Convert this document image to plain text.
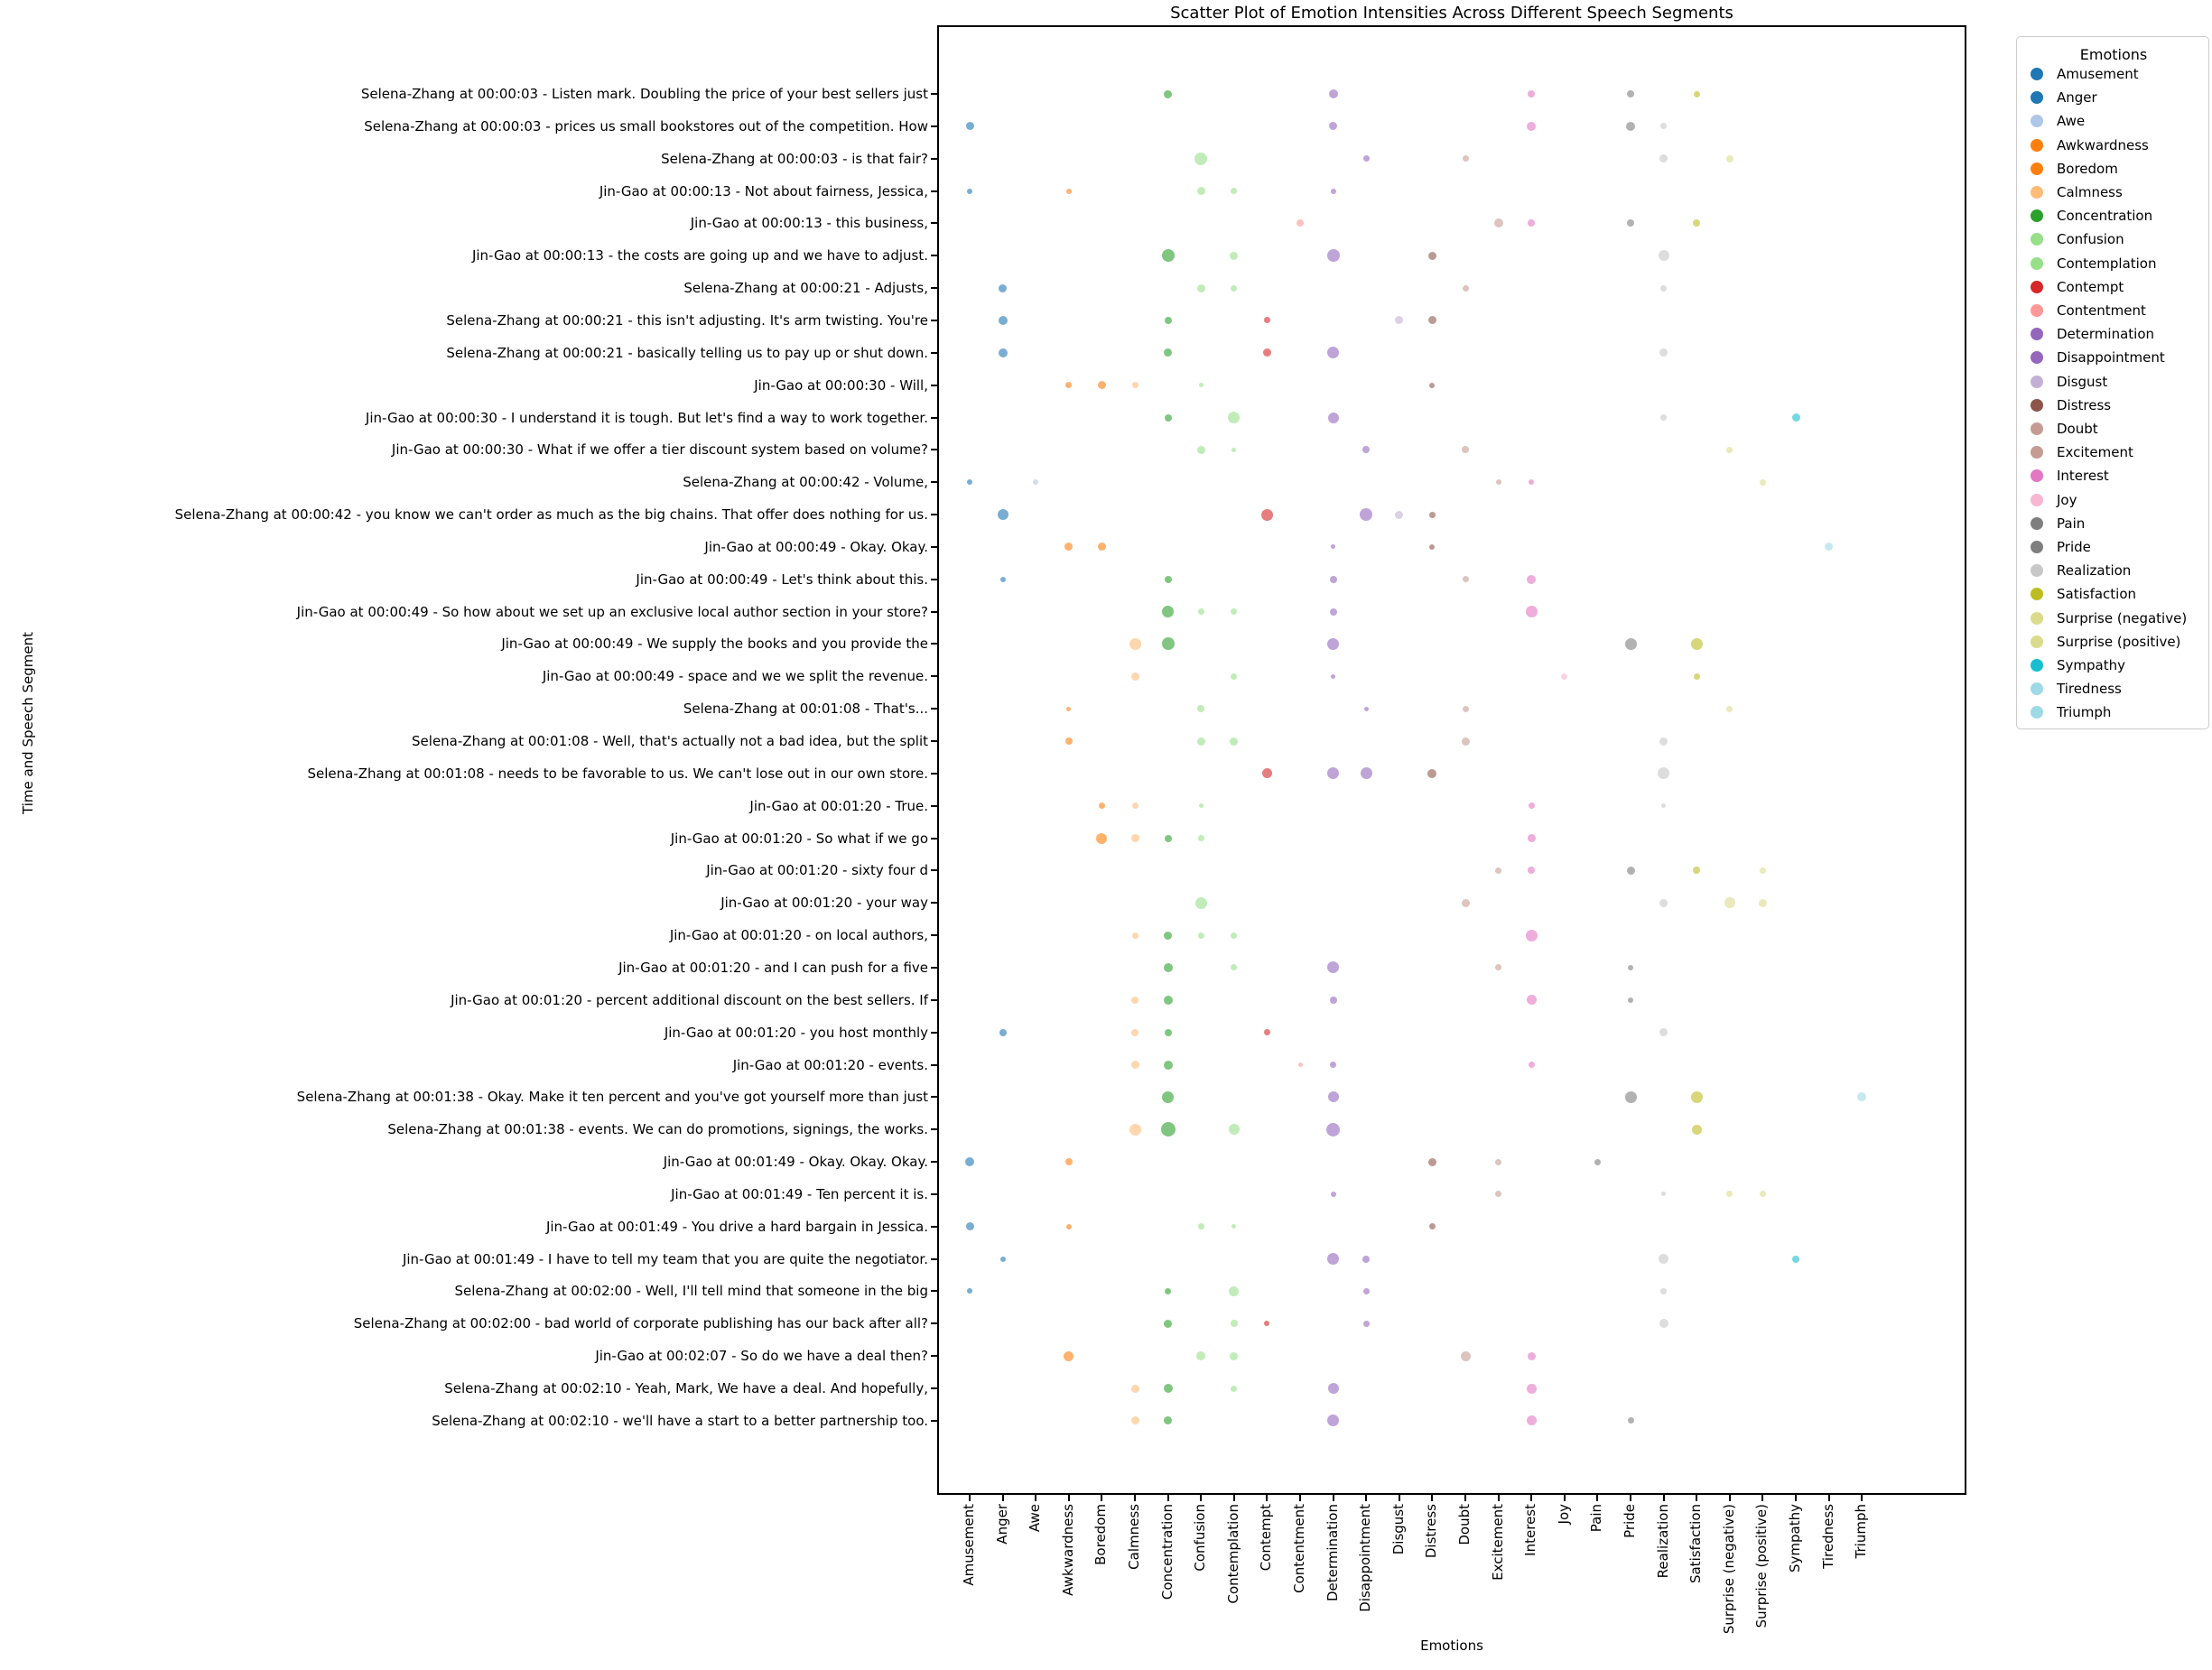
Scatter Plot of Emotion Intensities Across Different Speech Segments
Selena-Zhang at 00:00:03 - Listen mark. Doubling the price of your best sellers just
Selena-Zhang at 00:00:03 - prices us small bookstores out of the competition. How
Selena-Zhang at 00:00:03 - is that fair?
Jin-Gao at 00:00:13 - Not about fairness, Jessica,
Jin-Gao at 00:00:13 - this business,
Jin-Gao at 00:00:13 - the costs are going up and we have to adjust.
Selena-Zhang at 00:00:21 - Adjusts,
Selena-Zhang at 00:00:21 - this isn't adjusting. It's arm twisting. You're
Selena-Zhang at 00:00:21 - basically telling us to pay up or shut down.
Jin-Gao at 00:00:30 - Will,
Jin-Gao at 00:00:30 - I understand it is tough. But let's find a way to work together.
Jin-Gao at 00:00:30 - What if we offer a tier discount system based on volume?
Selena-Zhang at 00:00:42 - Volume,
Selena-Zhang at 00:00:42 - you know we can't order as much as the big chains. That offer does nothing for us.
Jin-Gao at 00:00:49 - Okay. Okay.
Jin-Gao at 00:00:49 - Let's think about this.
Jin-Gao at 00:00:49 - So how about we set up an exclusive local author section in your store?
Jin-Gao at 00:00:49 - We supply the books and you provide the
Jin-Gao at 00:00:49 - space and we we split the revenue.
Selena-Zhang at 00:01:08 - That's...
Selena-Zhang at 00:01:08 - Well, that's actually not a bad idea, but the split
Selena-Zhang at 00:01:08 - needs to be favorable to us. We can't lose out in our own store.
Jin-Gao at 00:01:20 - True.
Jin-Gao at 00:01:20 - So what if we go
Jin-Gao at 00:01:20 - sixty four d
Jin-Gao at 00:01:20 - your way
Jin-Gao at 00:01:20 - on local authors,
Jin-Gao at 00:01:20 - and I can push for a five
Jin-Gao at 00:01:20 - percent additional discount on the best sellers. If
Jin-Gao at 00:01:20 - you host monthly
Jin-Gao at 00:01:20 - events.
Selena-Zhang at 00:01:38 - Okay. Make it ten percent and you've got yourself more than just
Selena-Zhang at 00:01:38 - events. We can do promotions, signings, the works.
Jin-Gao at 00:01:49 - Okay. Okay. Okay.
Jin-Gao at 00:01:49 - Ten percent it is.
Jin-Gao at 00:01:49 - You drive a hard bargain in Jessica.
Jin-Gao at 00:01:49 - I have to tell my team that you are quite the negotiator.
Selena-Zhang at 00:02:00 - Well, I'll tell mind that someone in the big
Selena-Zhang at 00:02:00 - bad world of corporate publishing has our back after all?
Jin-Gao at 00:02:07 - So do we have a deal then?
Selena-Zhang at 00:02:10 - Yeah, Mark, We have a deal. And hopefully,
Selena-Zhang at 00:02:10 - we'll have a start to a better partnership too.
Amusement Anger Awe Awkwardness Boredom Calmness Concentration Confusion Contemplation Contempt Contentment Determination Disappointment Disgust Distress Doubt Excitement Interest Joy Pain Pride Realization Satisfaction Surprise (negative) Surprise (positive) Sympathy Tiredness Triumph
Time and Speech Segment
Emotions
Emotions
Amusement
Anger
Awe
Awkwardness
Boredom
Calmness
Concentration
Confusion
Contemplation
Contempt
Contentment
Determination
Disappointment
Disgust
Distress
Doubt
Excitement
Interest
Joy
Pain
Pride
Realization
Satisfaction
Surprise (negative)
Surprise (positive)
Sympathy
Tiredness
Triumph
